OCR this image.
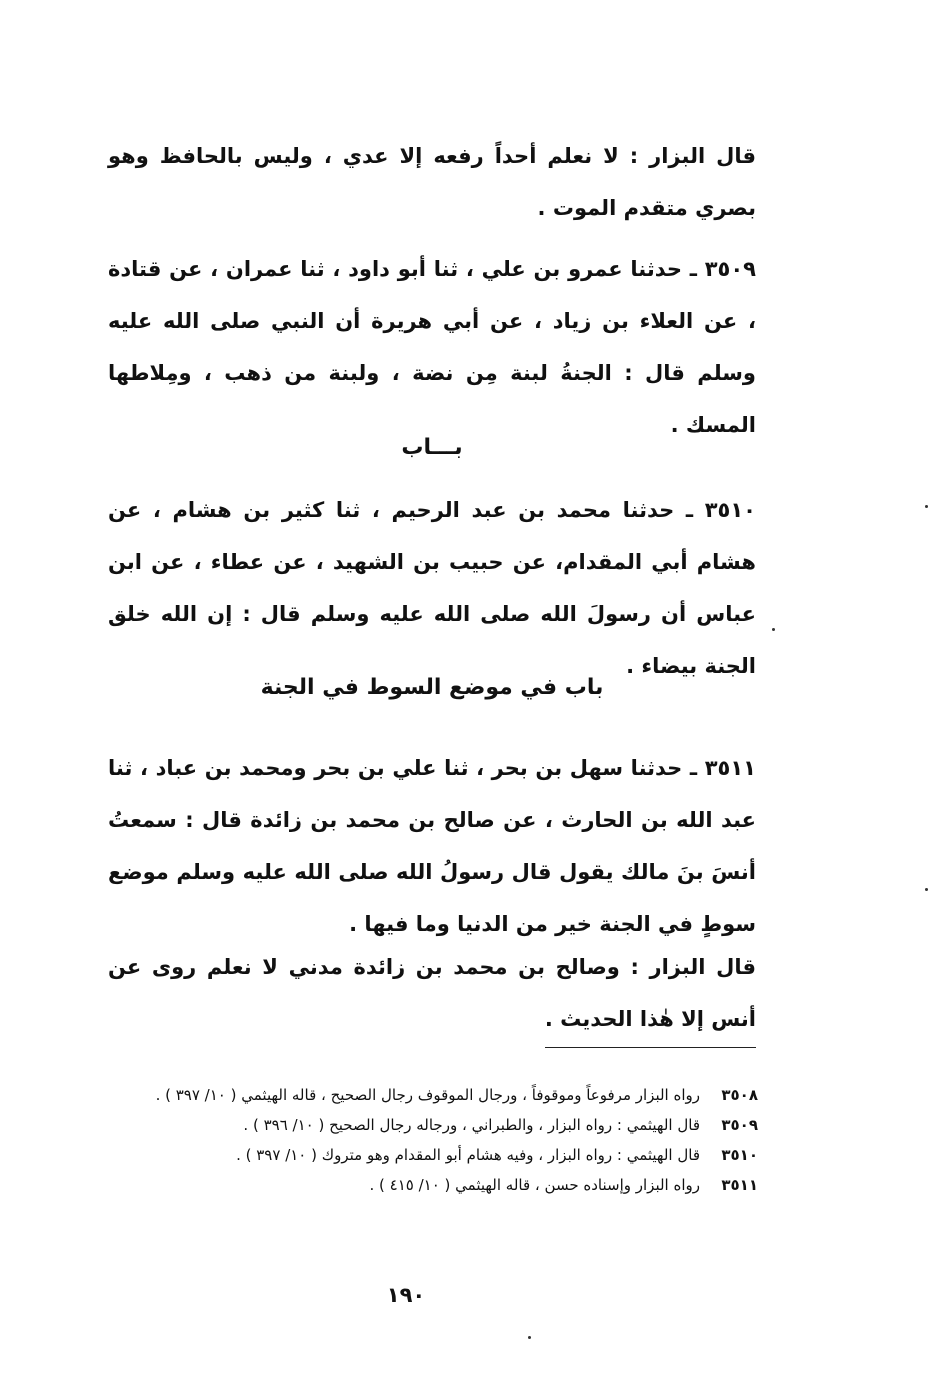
قال البزار : لا نعلم أحداً رفعه إلا عدي ، وليس بالحافظ وهو بصري متقدم الموت .

٣٥٠٩ ـ حدثنا عمرو بن علي ، ثنا أبو داود ، ثنا عمران ، عن قتادة ، عن العلاء بن زياد ، عن أبي هريرة أن النبي صلى الله عليه وسلم قال : الجنةُ لبنة مِن نضة ، ولبنة من ذهب ، ومِلاطها المسك .

بـــاب

٣٥١٠ ـ حدثنا محمد بن عبد الرحيم ، ثنا كثير بن هشام ، عن هشام أبي المقدام، عن حبيب بن الشهيد ، عن عطاء ، عن ابن عباس أن رسولَ الله صلى الله عليه وسلم قال : إن الله خلق الجنة بيضاء .

باب في موضع السوط في الجنة

٣٥١١ ـ حدثنا سهل بن بحر ، ثنا علي بن بحر ومحمد بن عباد ، ثنا عبد الله بن الحارث ، عن صالح بن محمد بن زائدة قال : سمعتُ أنسَ بنَ مالك يقول قال رسولُ الله صلى الله عليه وسلم موضع سوطٍ في الجنة خير من الدنيا وما فيها .

قال البزار : وصالح بن محمد بن زائدة مدني لا نعلم روى عن أنس إلا هٰذا الحديث .

٣٥٠٨
رواه البزار مرفوعاً وموقوفاً ، ورجال الموقوف رجال الصحيح ، قاله الهيثمي ( ١٠/ ٣٩٧ ) .
٣٥٠٩
قال الهيثمي : رواه البزار ، والطبراني ، ورجاله رجال الصحيح ( ١٠/ ٣٩٦ ) .
٣٥١٠
قال الهيثمي : رواه البزار ، وفيه هشام أبو المقدام وهو متروك ( ١٠/ ٣٩٧ ) .
٣٥١١
رواه البزار وإسناده حسن ، قاله الهيثمي ( ١٠/ ٤١٥ ) .
١٩٠
